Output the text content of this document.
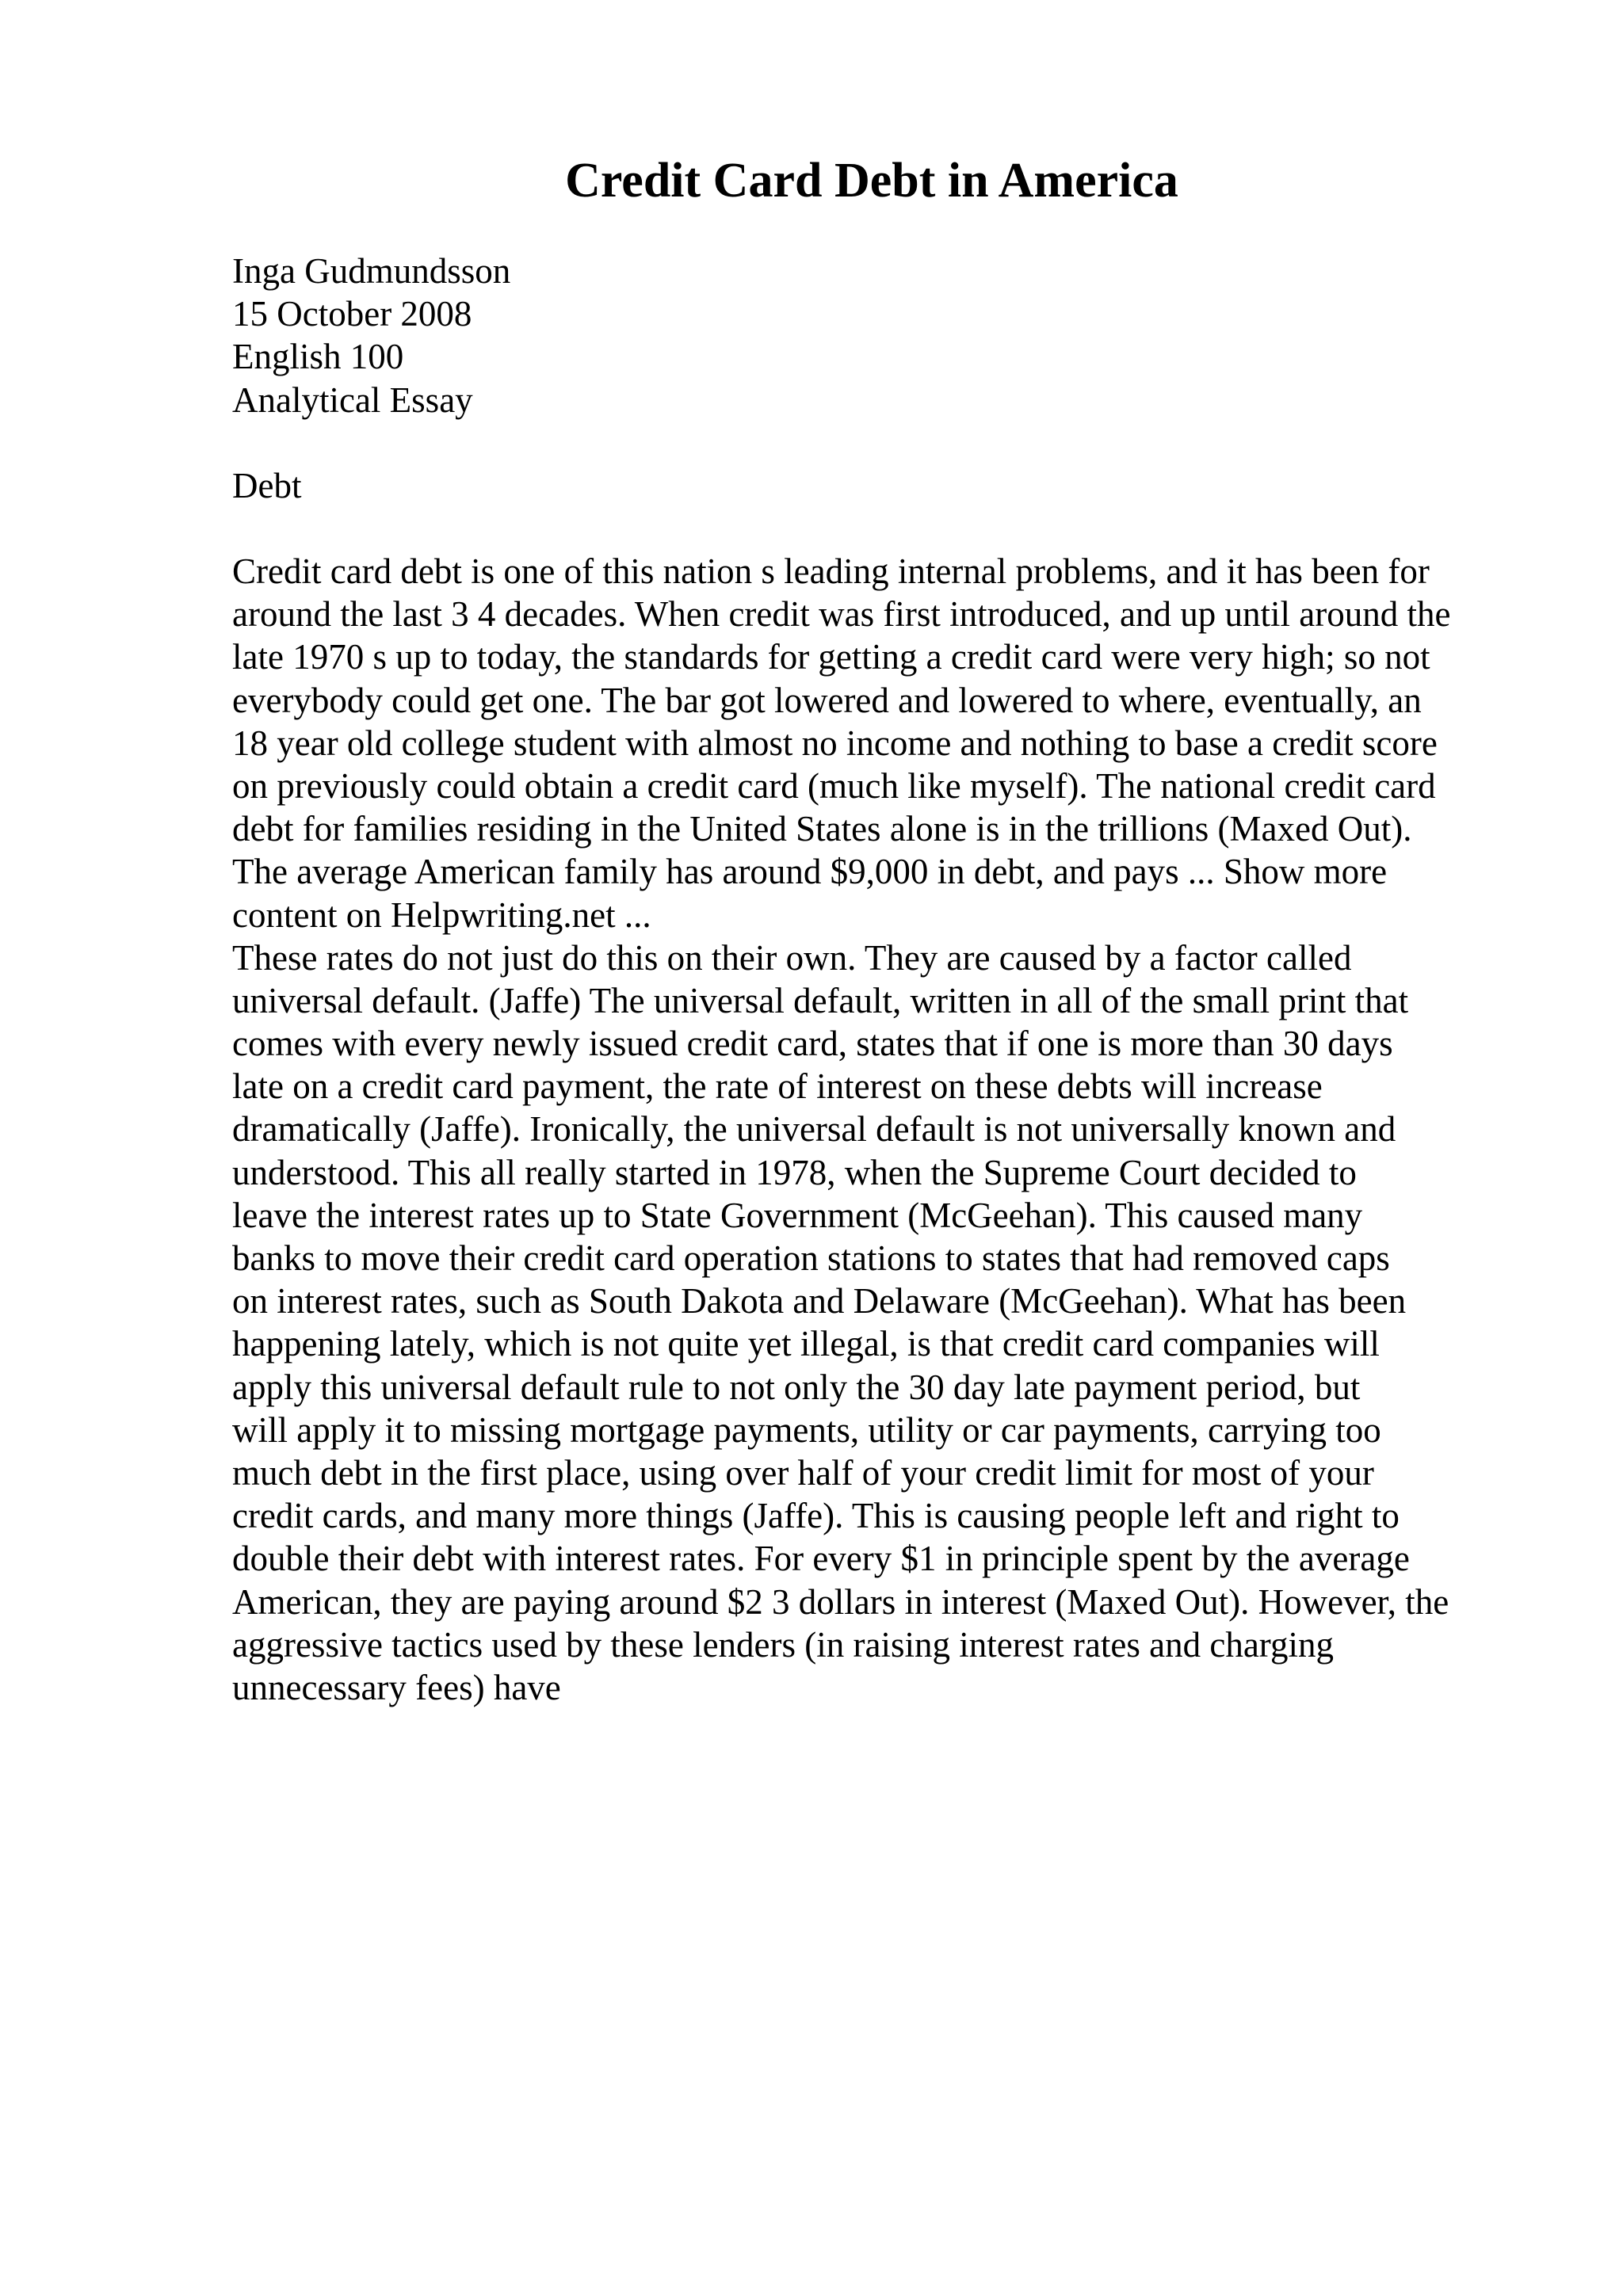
Credit Card Debt in America
Inga Gudmundsson
15 October 2008
English 100
Analytical Essay
Debt
Credit card debt is one of this nation s leading internal problems, and it has been for
around the last 3 4 decades. When credit was first introduced, and up until around the
late 1970 s up to today, the standards for getting a credit card were very high; so not
everybody could get one. The bar got lowered and lowered to where, eventually, an
18 year old college student with almost no income and nothing to base a credit score
on previously could obtain a credit card (much like myself). The national credit card
debt for families residing in the United States alone is in the trillions (Maxed Out).
The average American family has around $9,000 in debt, and pays ... Show more
content on Helpwriting.net ...
These rates do not just do this on their own. They are caused by a factor called
universal default. (Jaffe) The universal default, written in all of the small print that
comes with every newly issued credit card, states that if one is more than 30 days
late on a credit card payment, the rate of interest on these debts will increase
dramatically (Jaffe). Ironically, the universal default is not universally known and
understood. This all really started in 1978, when the Supreme Court decided to
leave the interest rates up to State Government (McGeehan). This caused many
banks to move their credit card operation stations to states that had removed caps
on interest rates, such as South Dakota and Delaware (McGeehan). What has been
happening lately, which is not quite yet illegal, is that credit card companies will
apply this universal default rule to not only the 30 day late payment period, but
will apply it to missing mortgage payments, utility or car payments, carrying too
much debt in the first place, using over half of your credit limit for most of your
credit cards, and many more things (Jaffe). This is causing people left and right to
double their debt with interest rates. For every $1 in principle spent by the average
American, they are paying around $2 3 dollars in interest (Maxed Out). However, the
aggressive tactics used by these lenders (in raising interest rates and charging
unnecessary fees) have
